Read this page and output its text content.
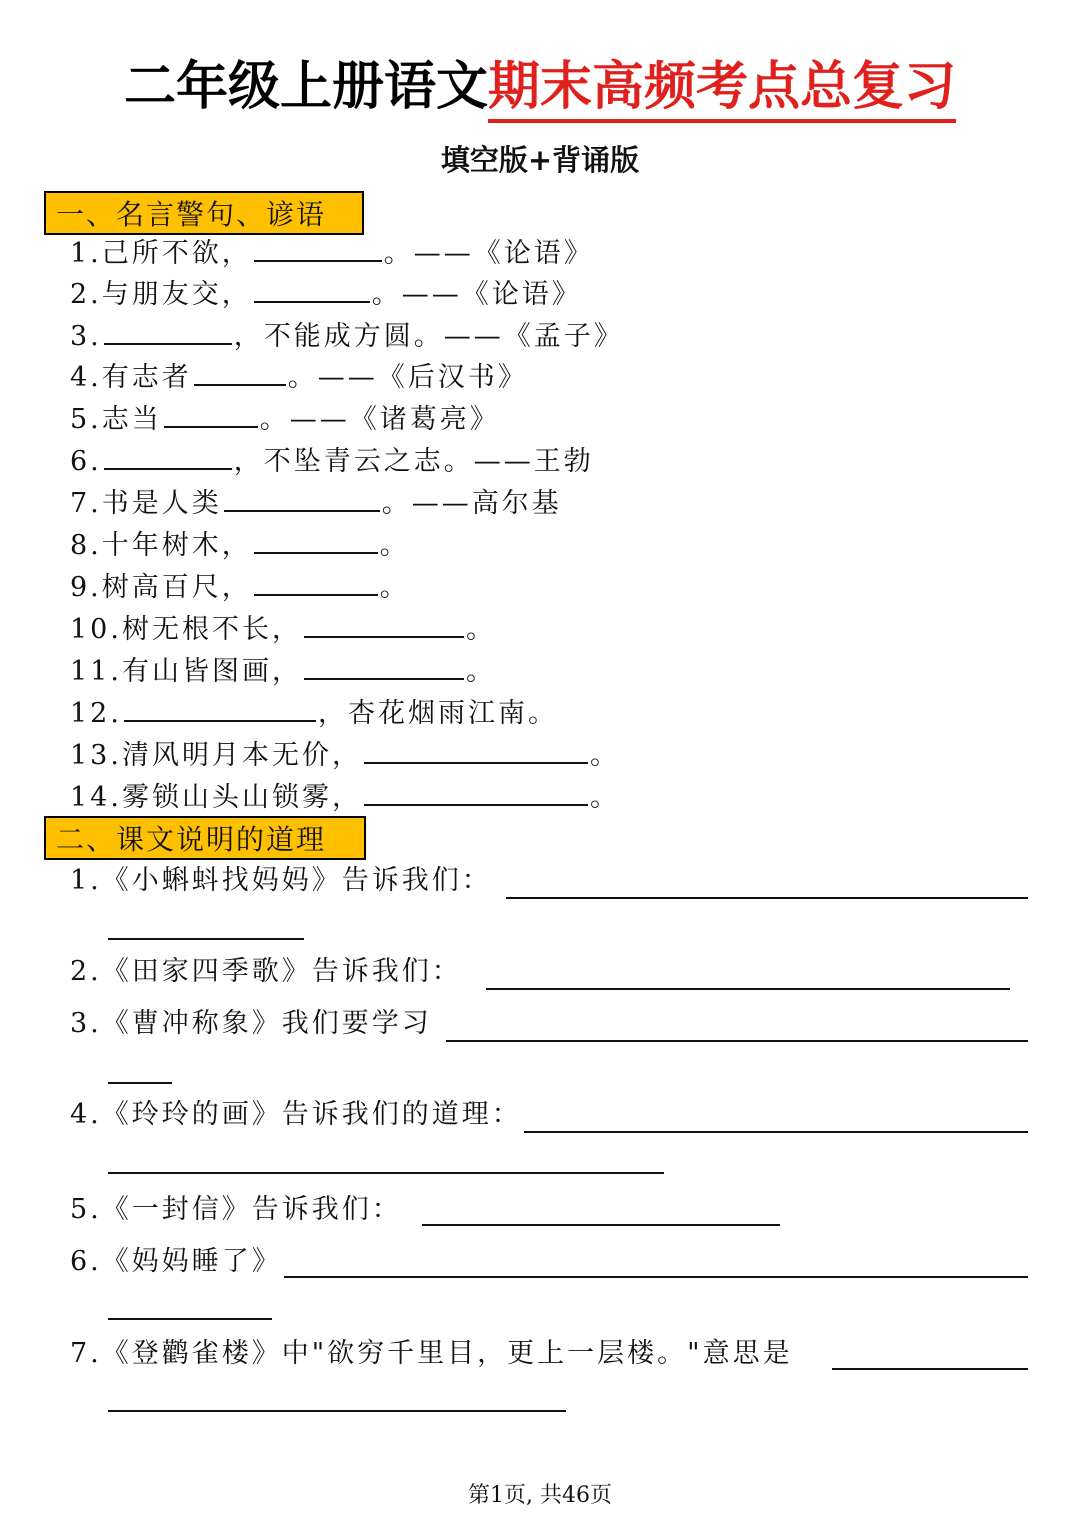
二年级上册语文期末高频考点总复习
填空版+背诵版
一、名言警句、谚语
1.己所不欲，	。——《论语》
2.与朋友交，	。——《论语》
3.	，不能成方圆。——《孟子》
4.有志者	。——《后汉书》
5.志当	。——《诸葛亮》
6.	，不坠青云之志。——王勃
7.书是人类	。——高尔基
8.十年树木，	。
9.树高百尺，	。
10.树无根不长，	。
11.有山皆图画，	。
12.	，杏花烟雨江南。
13.清风明月本无价，	。
14.雾锁山头山锁雾，	。
二、课文说明的道理
1.《小蝌蚪找妈妈》告诉我们：
2.《田家四季歌》告诉我们：
3.《曹冲称象》我们要学习
4.《玲玲的画》告诉我们的道理：
5.《一封信》告诉我们：
6.《妈妈睡了》
7.《登鹳雀楼》中"欲穷千里目，更上一层楼。"意思是
第1页, 共46页
